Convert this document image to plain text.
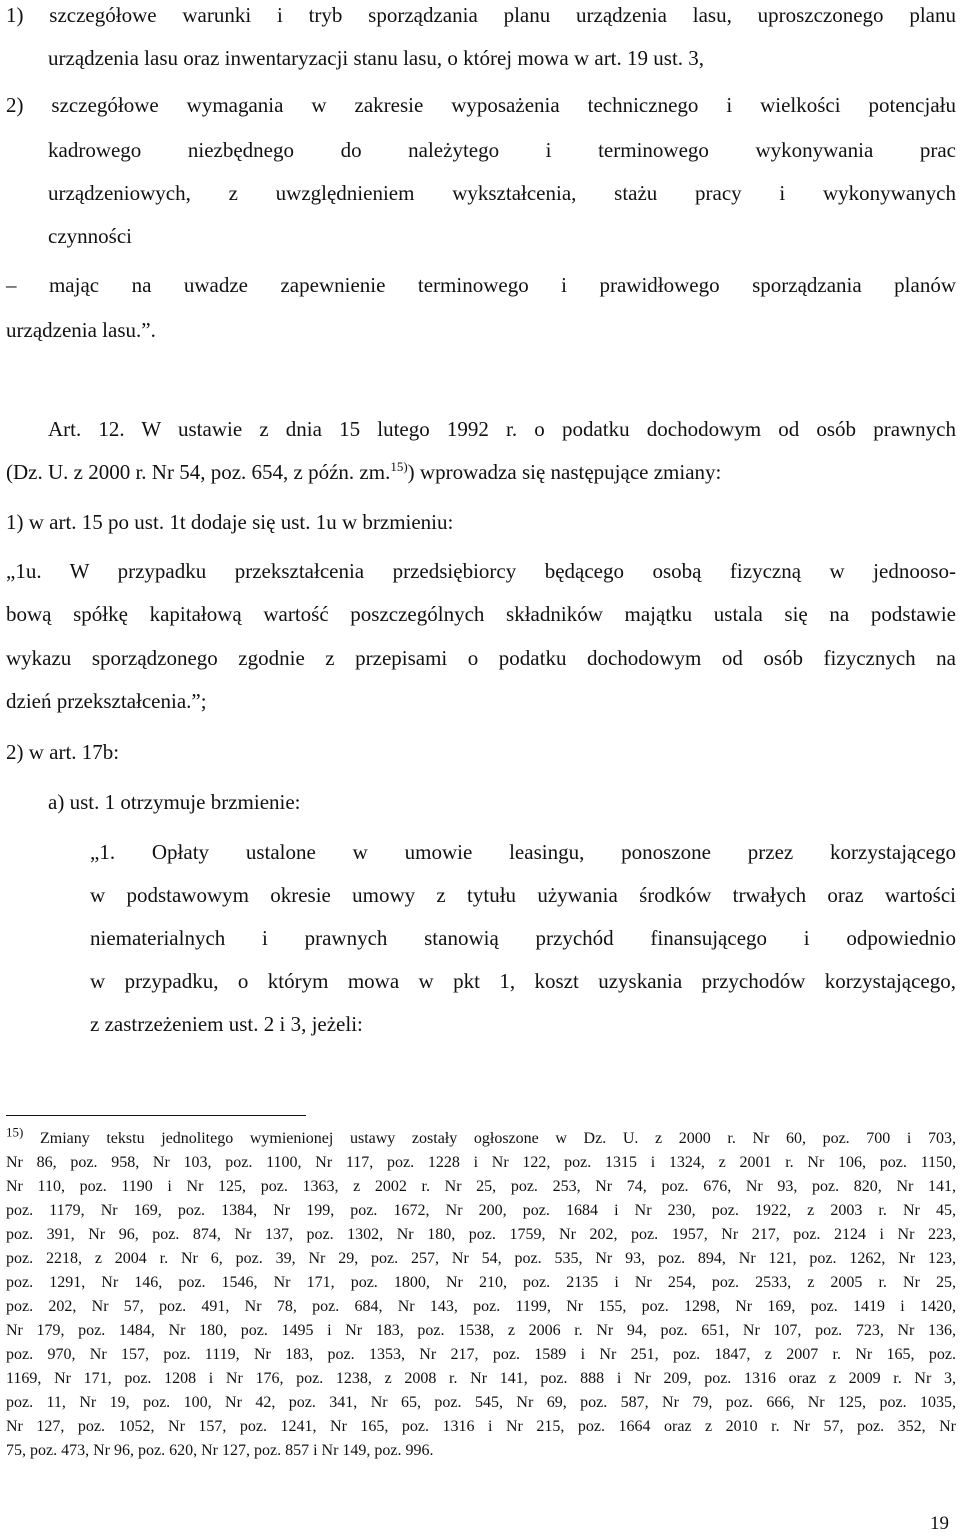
1) szczegółowe warunki i tryb sporządzania planu urządzenia lasu, uproszczonego planu
urządzenia lasu oraz inwentaryzacji stanu lasu, o której mowa w art. 19 ust. 3,
2) szczegółowe wymagania w zakresie wyposażenia technicznego i wielkości potencjału
kadrowego niezbędnego do należytego i terminowego wykonywania prac
urządzeniowych, z uwzględnieniem wykształcenia, stażu pracy i wykonywanych
czynności
– mając na uwadze zapewnienie terminowego i prawidłowego sporządzania planów
urządzenia lasu.”.
Art. 12. W ustawie z dnia 15 lutego 1992 r. o podatku dochodowym od osób prawnych
(Dz. U. z 2000 r. Nr 54, poz. 654, z późn. zm.$^{15)}$) wprowadza się następujące zmiany:
1) w art. 15 po ust. 1t dodaje się ust. 1u w brzmieniu:
„1u. W przypadku przekształcenia przedsiębiorcy będącego osobą fizyczną w jednooso-
bową spółkę kapitałową wartość poszczególnych składników majątku ustala się na podstawie
wykazu sporządzonego zgodnie z przepisami o podatku dochodowym od osób fizycznych na
dzień przekształcenia.”;
2) w art. 17b:
a) ust. 1 otrzymuje brzmienie:
„1. Opłaty ustalone w umowie leasingu, ponoszone przez korzystającego
w podstawowym okresie umowy z tytułu używania środków trwałych oraz wartości
niematerialnych i prawnych stanowią przychód finansującego i odpowiednio
w przypadku, o którym mowa w pkt 1, koszt uzyskania przychodów korzystającego,
z zastrzeżeniem ust. 2 i 3, jeżeli:
$^{15)}$ Zmiany tekstu jednolitego wymienionej ustawy zostały ogłoszone w Dz. U. z 2000 r. Nr 60, poz. 700 i 703,
Nr 86, poz. 958, Nr 103, poz. 1100, Nr 117, poz. 1228 i Nr 122, poz. 1315 i 1324, z 2001 r. Nr 106, poz. 1150,
Nr 110, poz. 1190 i Nr 125, poz. 1363, z 2002 r. Nr 25, poz. 253, Nr 74, poz. 676, Nr 93, poz. 820, Nr 141,
poz. 1179, Nr 169, poz. 1384, Nr 199, poz. 1672, Nr 200, poz. 1684 i Nr 230, poz. 1922, z 2003 r. Nr 45,
poz. 391, Nr 96, poz. 874, Nr 137, poz. 1302, Nr 180, poz. 1759, Nr 202, poz. 1957, Nr 217, poz. 2124 i Nr 223,
poz. 2218, z 2004 r. Nr 6, poz. 39, Nr 29, poz. 257, Nr 54, poz. 535, Nr 93, poz. 894, Nr 121, poz. 1262, Nr 123,
poz. 1291, Nr 146, poz. 1546, Nr 171, poz. 1800, Nr 210, poz. 2135 i Nr 254, poz. 2533, z 2005 r. Nr 25,
poz. 202, Nr 57, poz. 491, Nr 78, poz. 684, Nr 143, poz. 1199, Nr 155, poz. 1298, Nr 169, poz. 1419 i 1420,
Nr 179, poz. 1484, Nr 180, poz. 1495 i Nr 183, poz. 1538, z 2006 r. Nr 94, poz. 651, Nr 107, poz. 723, Nr 136,
poz. 970, Nr 157, poz. 1119, Nr 183, poz. 1353, Nr 217, poz. 1589 i Nr 251, poz. 1847, z 2007 r. Nr 165, poz.
1169, Nr 171, poz. 1208 i Nr 176, poz. 1238, z 2008 r. Nr 141, poz. 888 i Nr 209, poz. 1316 oraz z 2009 r. Nr 3,
poz. 11, Nr 19, poz. 100, Nr 42, poz. 341, Nr 65, poz. 545, Nr 69, poz. 587, Nr 79, poz. 666, Nr 125, poz. 1035,
Nr 127, poz. 1052, Nr 157, poz. 1241, Nr 165, poz. 1316 i Nr 215, poz. 1664 oraz z 2010 r. Nr 57, poz. 352, Nr
75, poz. 473, Nr 96, poz. 620, Nr 127, poz. 857 i Nr 149, poz. 996.
19
